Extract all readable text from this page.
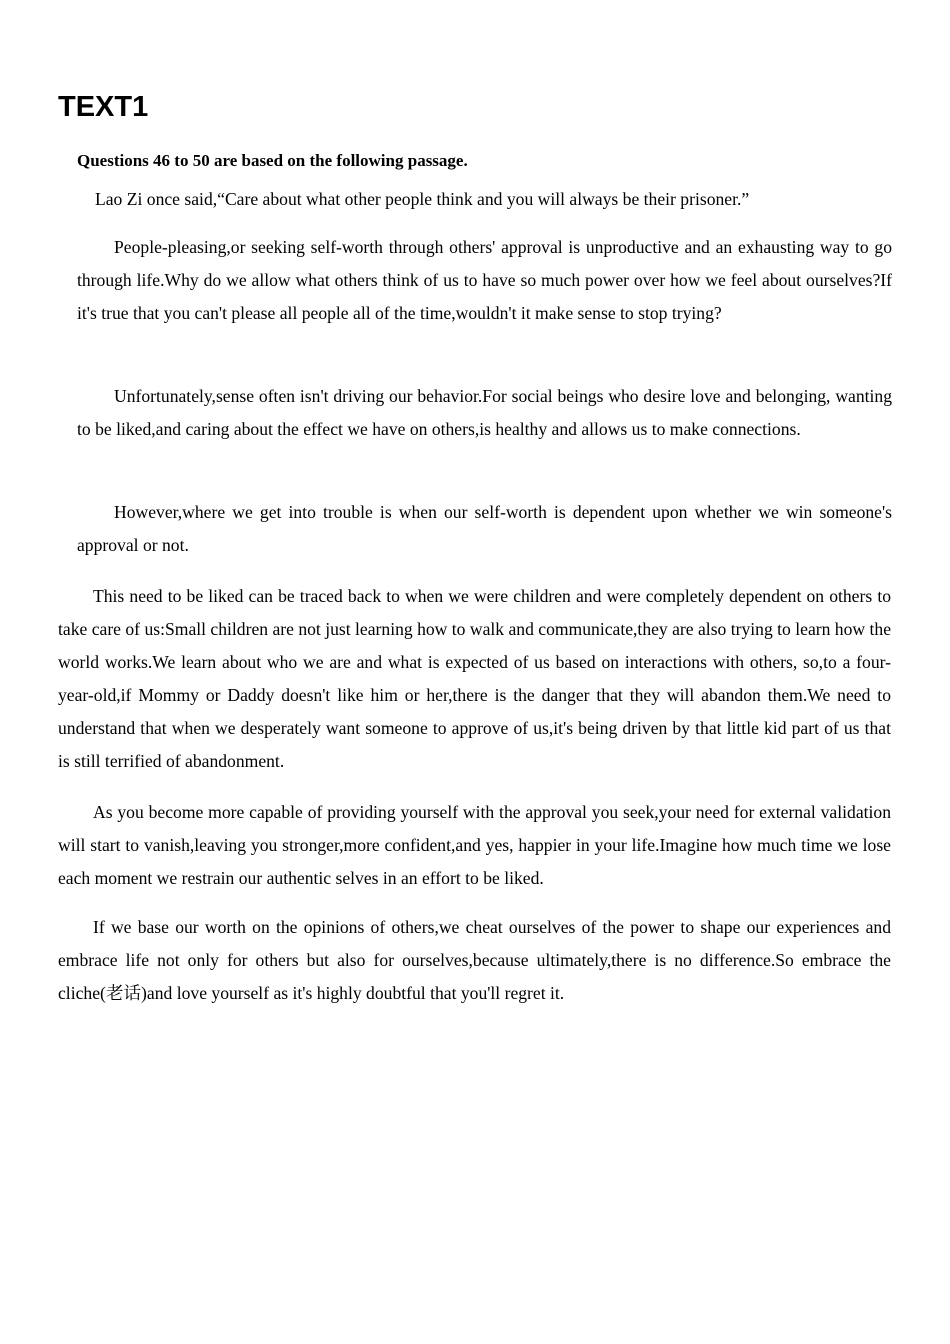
TEXT1

Questions 46 to 50 are based on the following passage.

Lao Zi once said,“Care about what other people think and you will always be their prisoner.”

People-pleasing,or seeking self-worth through others' approval is unproductive and an exhausting way to go through life.Why do we allow what others think of us to have so much power over how we feel about ourselves?If it's true that you can't please all people all of the time,wouldn't it make sense to stop trying?

Unfortunately,sense often isn't driving our behavior.For social beings who desire love and belonging, wanting to be liked,and caring about the effect we have on others,is healthy and allows us to make connections.

However,where we get into trouble is when our self-worth is dependent upon whether we win someone's approval or not.

This need to be liked can be traced back to when we were children and were completely dependent on others to take care of us:Small children are not just learning how to walk and communicate,they are also trying to learn how the world works.We learn about who we are and what is expected of us based on interactions with others, so,to a four-year-old,if Mommy or Daddy doesn't like him or her,there is the danger that they will abandon them.We need to understand that when we desperately want someone to approve of us,it's being driven by that little kid part of us that is still terrified of abandonment.

As you become more capable of providing yourself with the approval you seek,your need for external validation will start to vanish,leaving you stronger,more confident,and yes, happier in your life.Imagine how much time we lose each moment we restrain our authentic selves in an effort to be liked.

If we base our worth on the opinions of others,we cheat ourselves of the power to shape our experiences and embrace life not only for others but also for ourselves,because ultimately,there is no difference.So embrace the cliche(老话)and love yourself as it's highly doubtful that you'll regret it.
